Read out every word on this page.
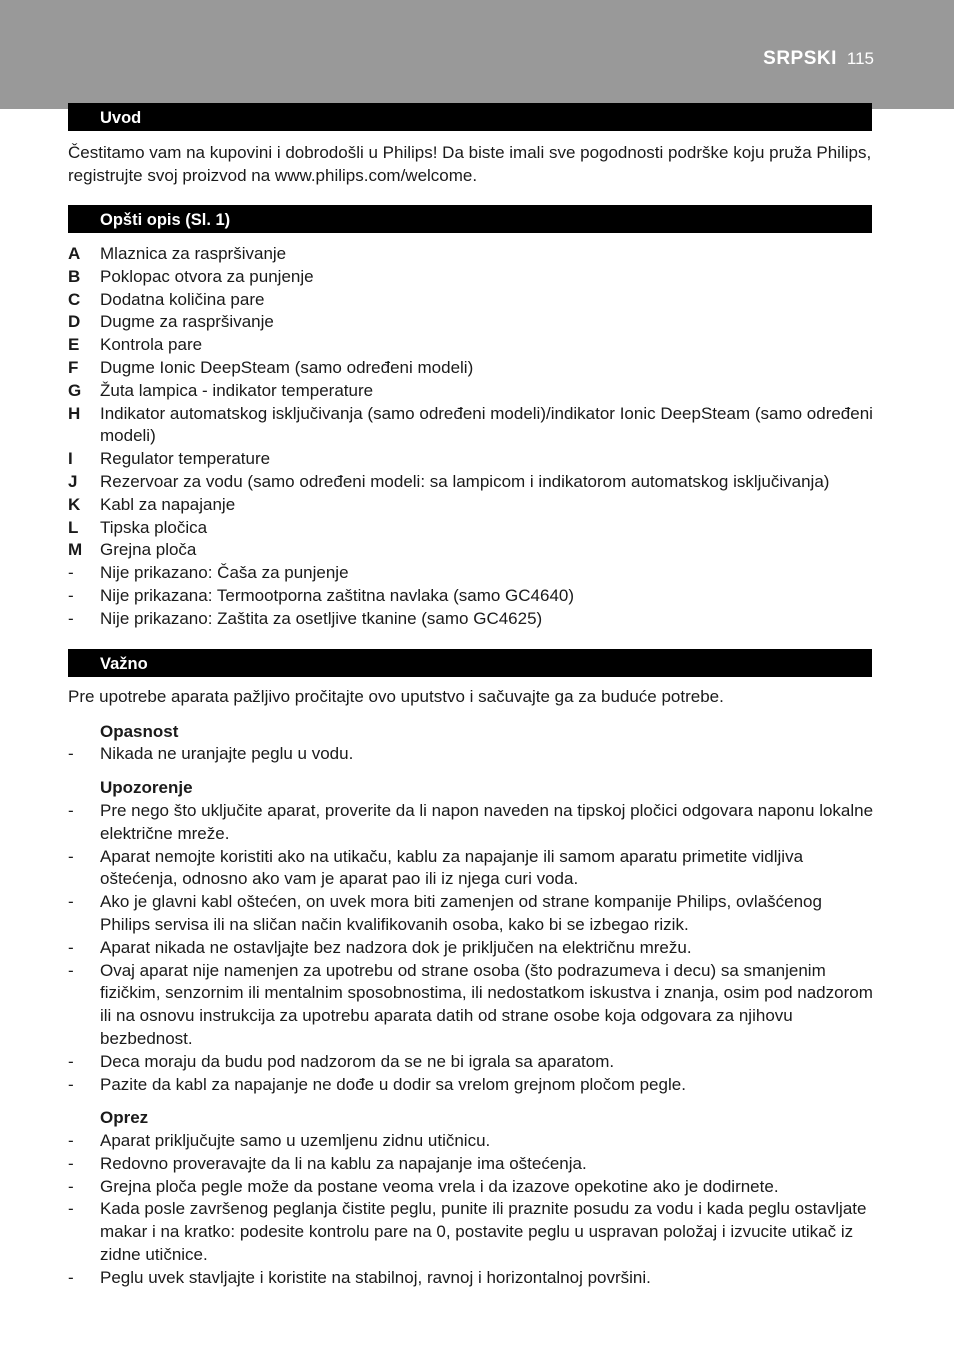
SRPSKI 115
Uvod

Čestitamo vam na kupovini i dobrodošli u Philips! Da biste imali sve pogodnosti podrške koju pruža Philips, registrujte svoj proizvod na www.philips.com/welcome.

Opšti opis (Sl. 1)
A	Mlaznica za raspršivanje
B	Poklopac otvora za punjenje
C	Dodatna količina pare
D	Dugme za raspršivanje
E	Kontrola pare
F	Dugme Ionic DeepSteam (samo određeni modeli)
G	Žuta lampica - indikator temperature
H	Indikator automatskog isključivanja (samo određeni modeli)/indikator Ionic DeepSteam (samo određeni modeli)
I	Regulator temperature
J	Rezervoar za vodu (samo određeni modeli: sa lampicom i indikatorom automatskog isključivanja)
K	Kabl za napajanje
L	Tipska pločica
M	Grejna ploča
-	Nije prikazano: Čaša za punjenje
-	Nije prikazana: Termootporna zaštitna navlaka (samo GC4640)
-	Nije prikazano: Zaštita za osetljive tkanine (samo GC4625)
Važno

Pre upotrebe aparata pažljivo pročitajte ovo uputstvo i sačuvajte ga za buduće potrebe.

Opasnost

-	Nikada ne uranjajte peglu u vodu.

Upozorenje

-	Pre nego što uključite aparat, proverite da li napon naveden na tipskoj pločici odgovara naponu lokalne električne mreže.
-	Aparat nemojte koristiti ako na utikaču, kablu za napajanje ili samom aparatu primetite vidljiva oštećenja, odnosno ako vam je aparat pao ili iz njega curi voda.
-	Ako je glavni kabl oštećen, on uvek mora biti zamenjen od strane kompanije Philips, ovlašćenog Philips servisa ili na sličan način kvalifikovanih osoba, kako bi se izbegao rizik.
-	Aparat nikada ne ostavljajte bez nadzora dok je priključen na električnu mrežu.
-	Ovaj aparat nije namenjen za upotrebu od strane osoba (što podrazumeva i decu) sa smanjenim fizičkim, senzornim ili mentalnim sposobnostima, ili nedostatkom iskustva i znanja, osim pod nadzorom ili na osnovu instrukcija za upotrebu aparata datih od strane osobe koja odgovara za njihovu bezbednost.
-	Deca moraju da budu pod nadzorom da se ne bi igrala sa aparatom.
-	Pazite da kabl za napajanje ne dođe u dodir sa vrelom grejnom pločom pegle.

Oprez

-	Aparat priključujte samo u uzemljenu zidnu utičnicu.
-	Redovno proveravajte da li na kablu za napajanje ima oštećenja.
-	Grejna ploča pegle može da postane veoma vrela i da izazove opekotine ako je dodirnete.
-	Kada posle završenog peglanja čistite peglu, punite ili praznite posudu za vodu i kada peglu ostavljate makar i na kratko: podesite kontrolu pare na 0, postavite peglu u uspravan položaj i izvucite utikač iz zidne utičnice.
-	Peglu uvek stavljajte i koristite na stabilnoj, ravnoj i horizontalnoj površini.
